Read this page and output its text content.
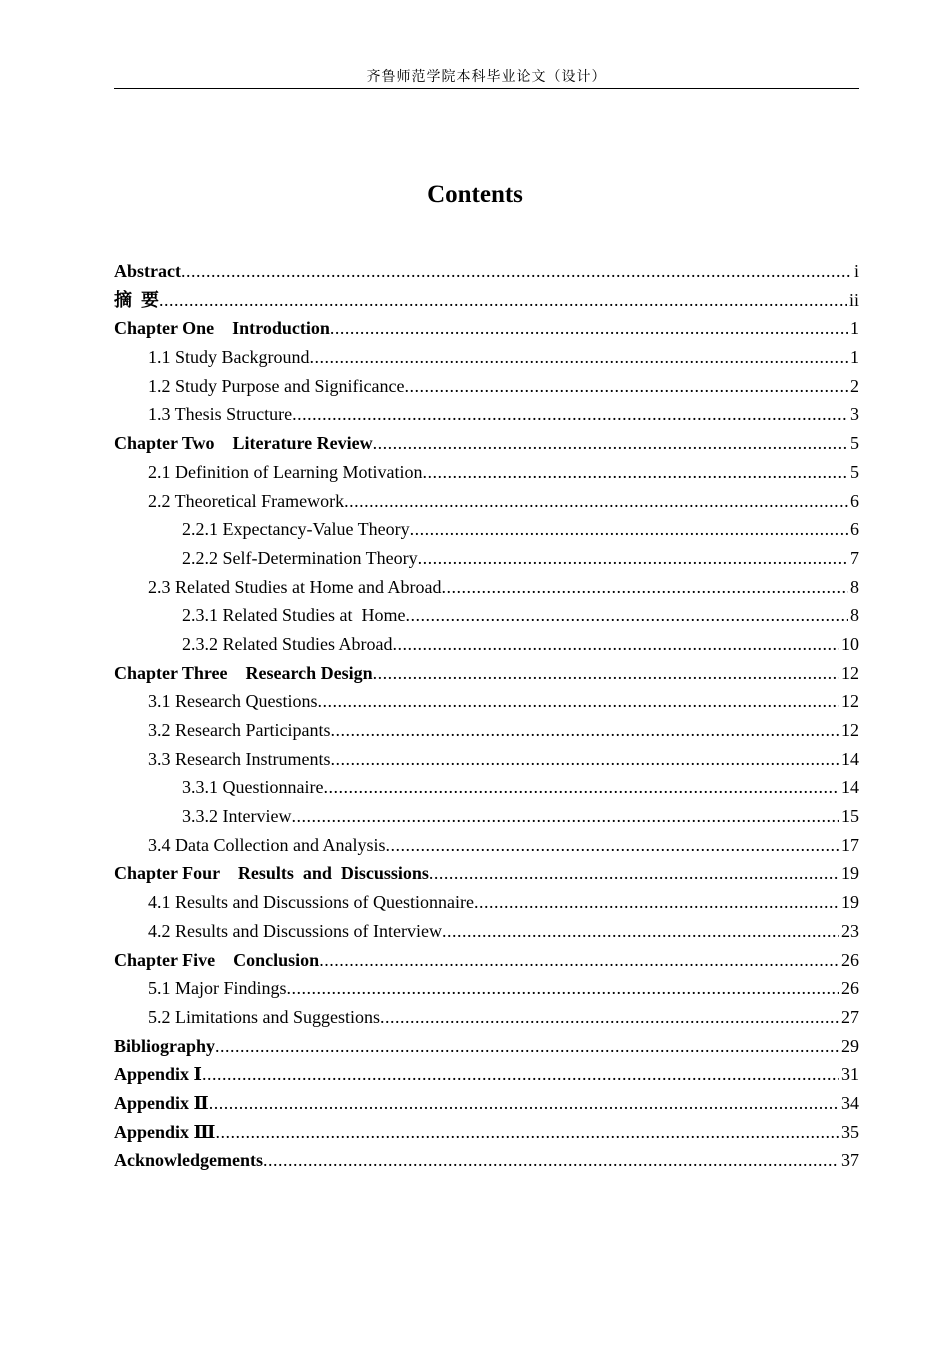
齐鲁师范学院本科毕业论文（设计）
Contents
Abstract .....	i
摘  要 .....	ii
Chapter One    Introduction .....	1
1.1 Study Background .....	1
1.2 Study Purpose and Significance .....	2
1.3 Thesis Structure .....	3
Chapter Two    Literature Review .....	5
2.1 Definition of Learning Motivation .....	5
2.2 Theoretical Framework .....	6
2.2.1 Expectancy-Value Theory .....	6
2.2.2 Self-Determination Theory .....	7
2.3 Related Studies at Home and Abroad .....	8
2.3.1 Related Studies at  Home .....	8
2.3.2 Related Studies Abroad .....	10
Chapter Three    Research Design .....	12
3.1 Research Questions .....	12
3.2 Research Participants .....	12
3.3 Research Instruments .....	14
3.3.1 Questionnaire .....	14
3.3.2 Interview .....	15
3.4 Data Collection and Analysis .....	17
Chapter Four    Results  and  Discussions .....	19
4.1 Results and Discussions of Questionnaire .....	19
4.2 Results and Discussions of Interview .....	23
Chapter Five    Conclusion .....	26
5.1 Major Findings .....	26
5.2 Limitations and Suggestions .....	27
Bibliography .....	29
Appendix Ⅰ .....	31
Appendix Ⅱ .....	34
Appendix Ⅲ .....	35
Acknowledgements .....	37
